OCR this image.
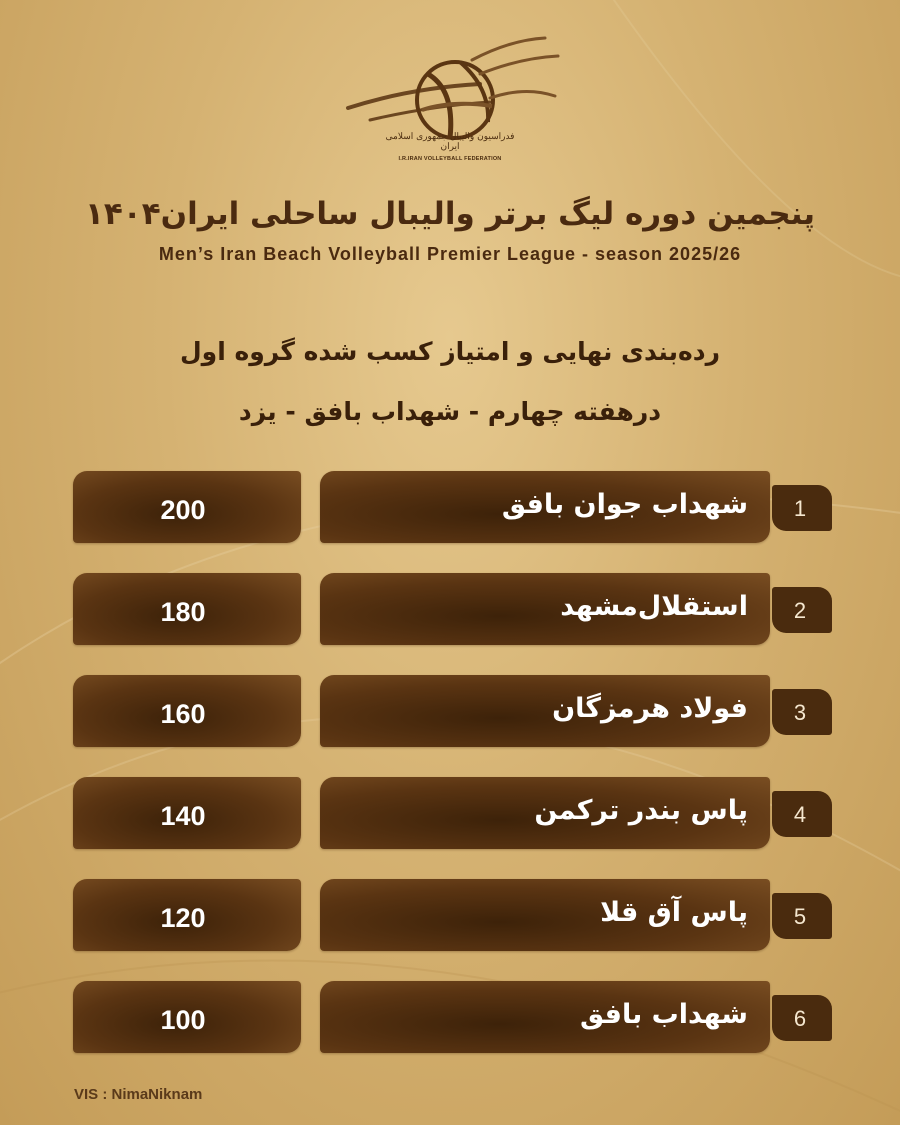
فدراسیون والیبال جمهوری اسلامی ایران
I.R.IRAN VOLLEYBALL FEDERATION
پنجمین دوره لیگ برتر والیبال ساحلی ایران۱۴۰۴
Men’s Iran Beach Volleyball Premier League - season 2025/26
رده‌بندی نهایی و امتیاز کسب شده گروه اول
درهفته چهارم - شهداب بافق - یزد
200	شهداب جوان بافق	1
180	استقلال‌مشهد	2
160	فولاد هرمزگان	3
140	پاس بندر ترکمن	4
120	پاس آق قلا	5
100	شهداب بافق	6
VIS : NimaNiknam
